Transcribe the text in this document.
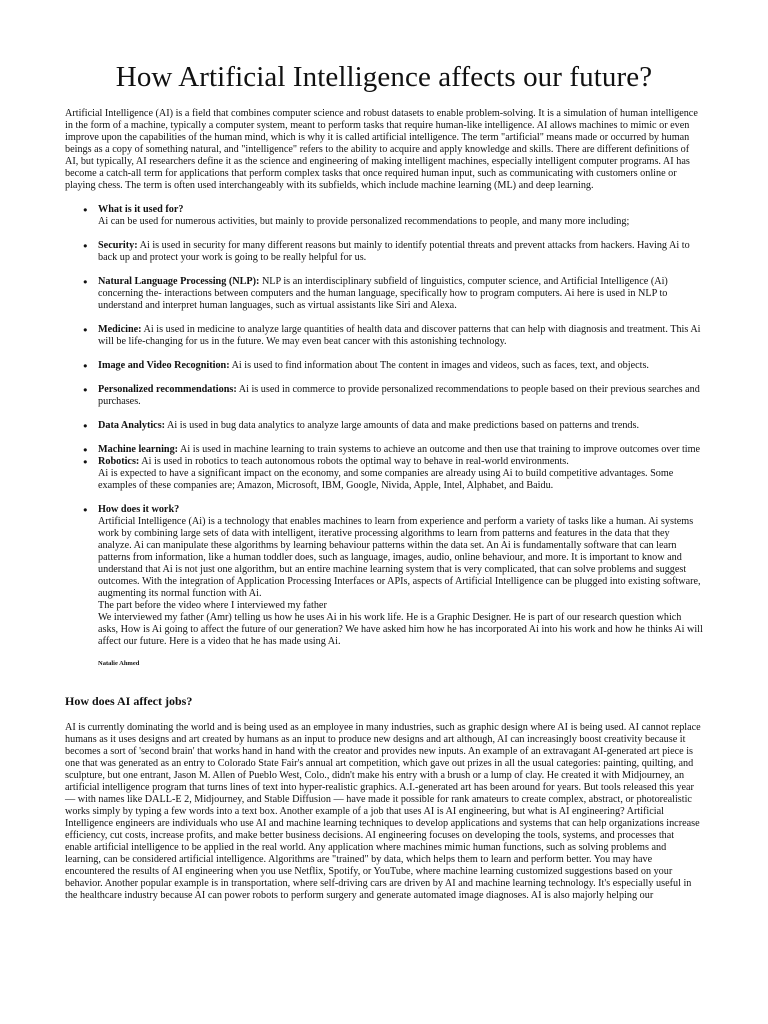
How Artificial Intelligence affects our future?

Artificial Intelligence (AI) is a field that combines computer science and robust datasets to enable problem-solving. It is a simulation of human intelligence in the form of a machine, typically a computer system, meant to perform tasks that require human-like intelligence. AI allows machines to mimic or even improve upon the capabilities of the human mind, which is why it is called artificial intelligence. The term "artificial" means made or occurred by human beings as a copy of something natural, and "intelligence" refers to the ability to acquire and apply knowledge and skills. There are different definitions of AI, but typically, AI researchers define it as the science and engineering of making intelligent machines, especially intelligent computer programs. AI has become a catch-all term for applications that perform complex tasks that once required human input, such as communicating with customers online or playing chess. The term is often used interchangeably with its subfields, which include machine learning (ML) and deep learning.

● What is it used for?
Ai can be used for numerous activities, but mainly to provide personalized recommendations to people, and many more including;
● Security: Ai is used in security for many different reasons but mainly to identify potential threats and prevent attacks from hackers. Having Ai to back up and protect your work is going to be really helpful for us.
● Natural Language Processing (NLP): NLP is an interdisciplinary subfield of linguistics, computer science, and Artificial Intelligence (Ai) concerning the- interactions between computers and the human language, specifically how to program computers. Ai here is used in NLP to understand and interpret human languages, such as virtual assistants like Siri and Alexa.
● Medicine: Ai is used in medicine to analyze large quantities of health data and discover patterns that can help with diagnosis and treatment. This Ai will be life-changing for us in the future. We may even beat cancer with this astonishing technology.
● Image and Video Recognition: Ai is used to find information about The content in images and videos, such as faces, text, and objects.
● Personalized recommendations: Ai is used in commerce to provide personalized recommendations to people based on their previous searches and purchases.
● Data Analytics: Ai is used in bug data analytics to analyze large amounts of data and make predictions based on patterns and trends.
● Machine learning: Ai is used in machine learning to train systems to achieve an outcome and then use that training to improve outcomes over time
● Robotics: Ai is used in robotics to teach autonomous robots the optimal way to behave in real-world environments.
Ai is expected to have a significant impact on the economy, and some companies are already using Ai to build competitive advantages. Some examples of these companies are; Amazon, Microsoft, IBM, Google, Nivida, Apple, Intel, Alphabet, and Baidu.
● How does it work?
Artificial Intelligence (Ai) is a technology that enables machines to learn from experience and perform a variety of tasks like a human. Ai systems work by combining large sets of data with intelligent, iterative processing algorithms to learn from patterns and features in the data that they analyze. Ai can manipulate these algorithms by learning behaviour patterns within the data set. An Ai is fundamentally software that can learn patterns from information, like a human toddler does, such as language, images, audio, online behaviour, and more. It is important to know and understand that Ai is not just one algorithm, but an entire machine learning system that is very complicated, that can solve problems and suggest outcomes. With the integration of Application Processing Interfaces or APIs, aspects of Artificial Intelligence can be plugged into existing software, augmenting its normal function with Ai.
The part before the video where I interviewed my father
We interviewed my father (Amr) telling us how he uses Ai in his work life. He is a Graphic Designer. He is part of our research question which asks, How is Ai going to affect the future of our generation? We have asked him how he has incorporated Ai into his work and how he thinks Ai will affect our future. Here is a video that he has made using Ai.
Natalie Ahmed
How does AI affect jobs?

AI is currently dominating the world and is being used as an employee in many industries, such as graphic design where AI is being used. AI cannot replace humans as it uses designs and art created by humans as an input to produce new designs and art although, AI can increasingly boost creativity because it becomes a sort of 'second brain' that works hand in hand with the creator and provides new inputs. An example of an extravagant AI-generated art piece is one that was generated as an entry to Colorado State Fair's annual art competition, which gave out prizes in all the usual categories: painting, quilting, and sculpture, but one entrant, Jason M. Allen of Pueblo West, Colo., didn't make his entry with a brush or a lump of clay. He created it with Midjourney, an artificial intelligence program that turns lines of text into hyper-realistic graphics. A.I.-generated art has been around for years. But tools released this year — with names like DALL-E 2, Midjourney, and Stable Diffusion — have made it possible for rank amateurs to create complex, abstract, or photorealistic works simply by typing a few words into a text box. Another example of a job that uses AI is AI engineering, but what is AI engineering? Artificial Intelligence engineers are individuals who use AI and machine learning techniques to develop applications and systems that can help organizations increase efficiency, cut costs, increase profits, and make better business decisions. AI engineering focuses on developing the tools, systems, and processes that enable artificial intelligence to be applied in the real world. Any application where machines mimic human functions, such as solving problems and learning, can be considered artificial intelligence. Algorithms are "trained" by data, which helps them to learn and perform better. You may have encountered the results of AI engineering when you use Netflix, Spotify, or YouTube, where machine learning customized suggestions based on your behavior. Another popular example is in transportation, where self-driving cars are driven by AI and machine learning technology. It's especially useful in the healthcare industry because AI can power robots to perform surgery and generate automated image diagnoses. AI is also majorly helping our
